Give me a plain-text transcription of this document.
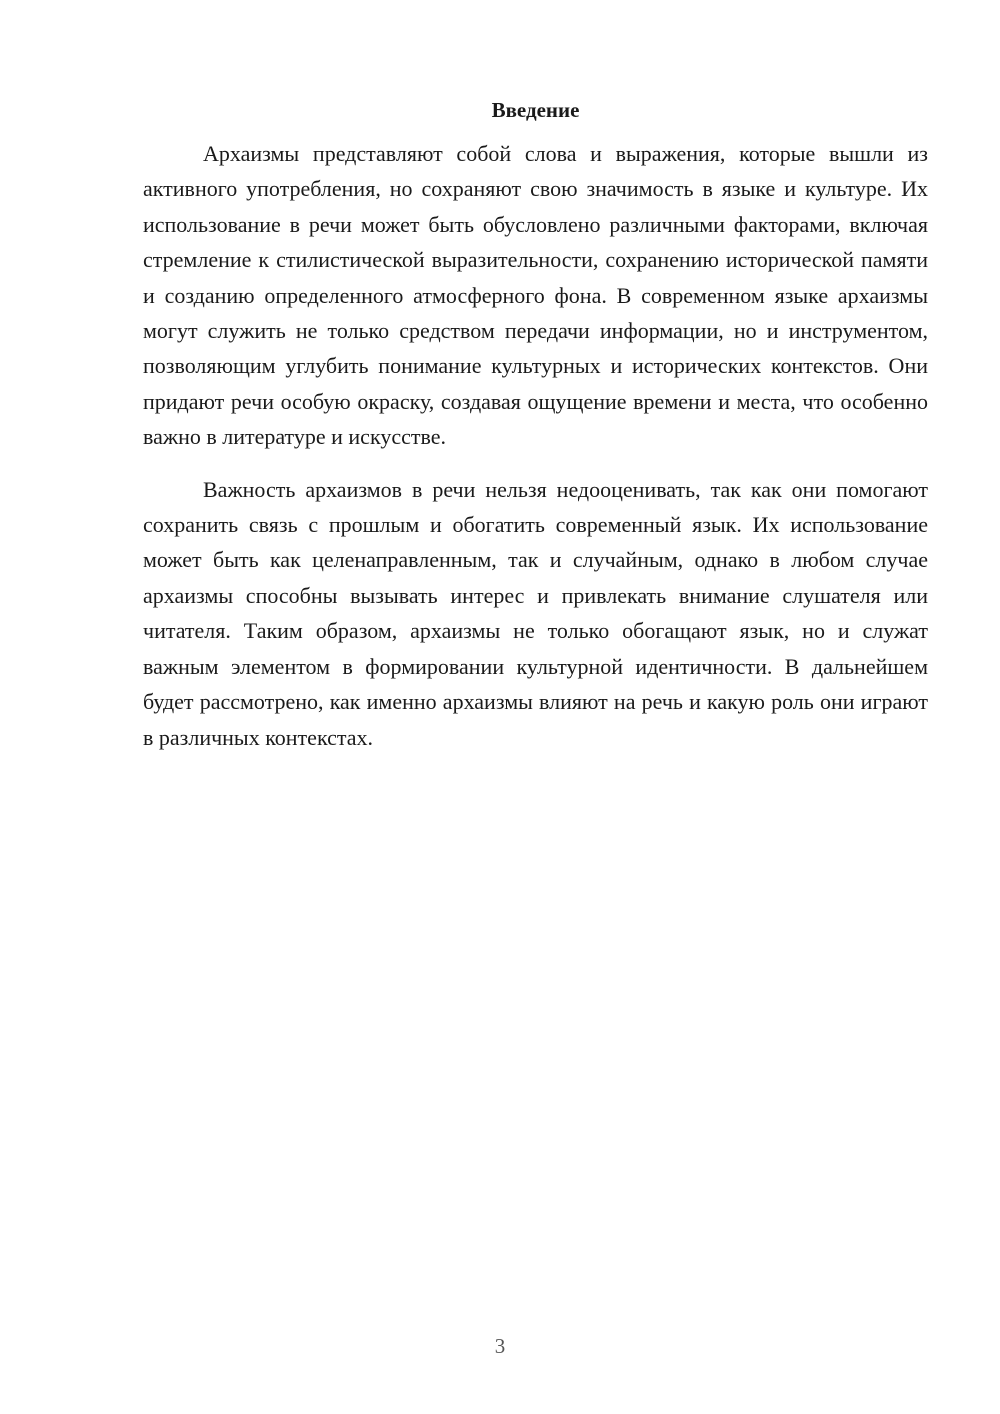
Введение

Архаизмы представляют собой слова и выражения, которые вышли из активного употребления, но сохраняют свою значимость в языке и культуре. Их использование в речи может быть обусловлено различными факторами, включая стремление к стилистической выразительности, сохранению исторической памяти и созданию определенного атмосферного фона. В современном языке архаизмы могут служить не только средством передачи информации, но и инструментом, позволяющим углубить понимание культурных и исторических контекстов. Они придают речи особую окраску, создавая ощущение времени и места, что особенно важно в литературе и искусстве.

Важность архаизмов в речи нельзя недооценивать, так как они помогают сохранить связь с прошлым и обогатить современный язык. Их использование может быть как целенаправленным, так и случайным, однако в любом случае архаизмы способны вызывать интерес и привлекать внимание слушателя или читателя. Таким образом, архаизмы не только обогащают язык, но и служат важным элементом в формировании культурной идентичности. В дальнейшем будет рассмотрено, как именно архаизмы влияют на речь и какую роль они играют в различных контекстах.

3
